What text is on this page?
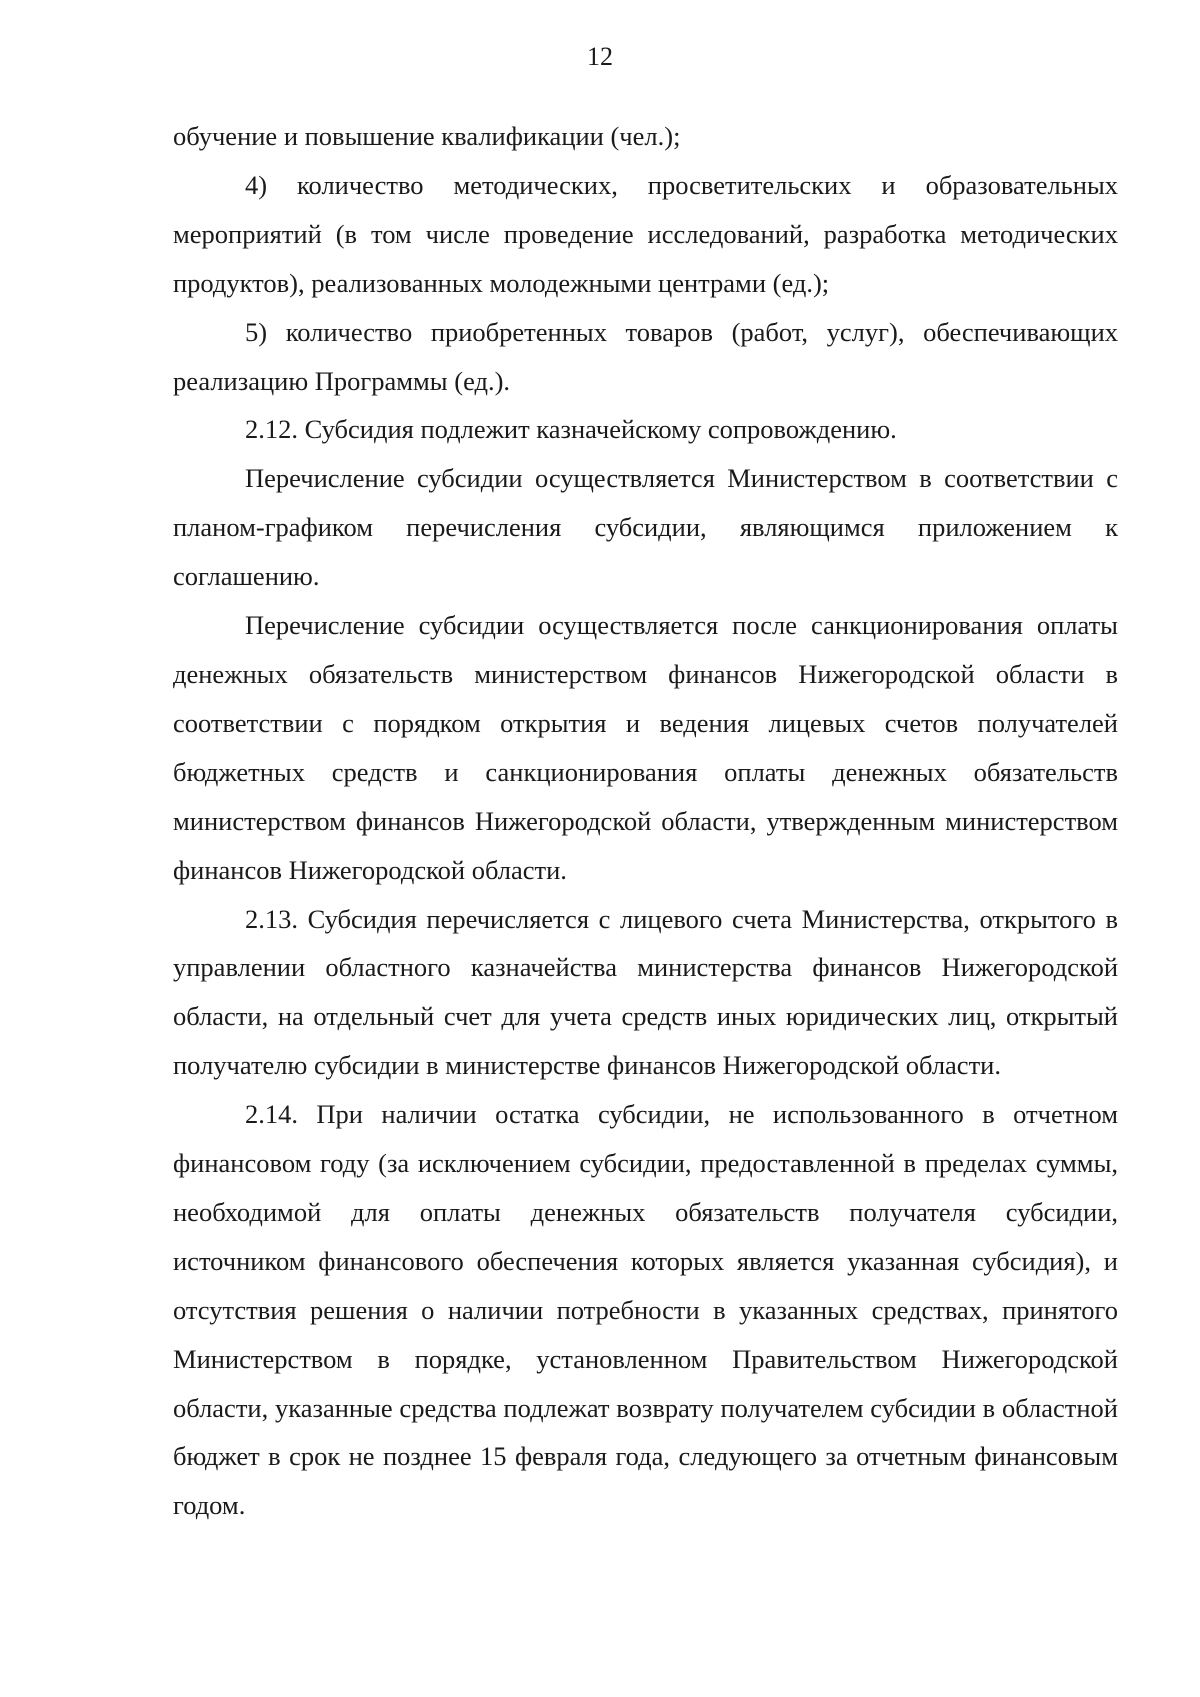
12

обучение и повышение квалификации (чел.);

4) количество методических, просветительских и образовательных мероприятий (в том числе проведение исследований, разработка методических продуктов), реализованных молодежными центрами (ед.);

5) количество приобретенных товаров (работ, услуг), обеспечивающих реализацию Программы (ед.).

2.12. Субсидия подлежит казначейскому сопровождению.

Перечисление субсидии осуществляется Министерством в соответствии с планом-графиком перечисления субсидии, являющимся приложением к соглашению.

Перечисление субсидии осуществляется после санкционирования оплаты денежных обязательств министерством финансов Нижегородской области в соответствии с порядком открытия и ведения лицевых счетов получателей бюджетных средств и санкционирования оплаты денежных обязательств министерством финансов Нижегородской области, утвержденным министерством финансов Нижегородской области.

2.13. Субсидия перечисляется с лицевого счета Министерства, открытого в управлении областного казначейства министерства финансов Нижегородской области, на отдельный счет для учета средств иных юридических лиц, открытый получателю субсидии в министерстве финансов Нижегородской области.

2.14. При наличии остатка субсидии, не использованного в отчетном финансовом году (за исключением субсидии, предоставленной в пределах суммы, необходимой для оплаты денежных обязательств получателя субсидии, источником финансового обеспечения которых является указанная субсидия), и отсутствия решения о наличии потребности в указанных средствах, принятого Министерством в порядке, установленном Правительством Нижегородской области, указанные средства подлежат возврату получателем субсидии в областной бюджет в срок не позднее 15 февраля года, следующего за отчетным финансовым годом.
